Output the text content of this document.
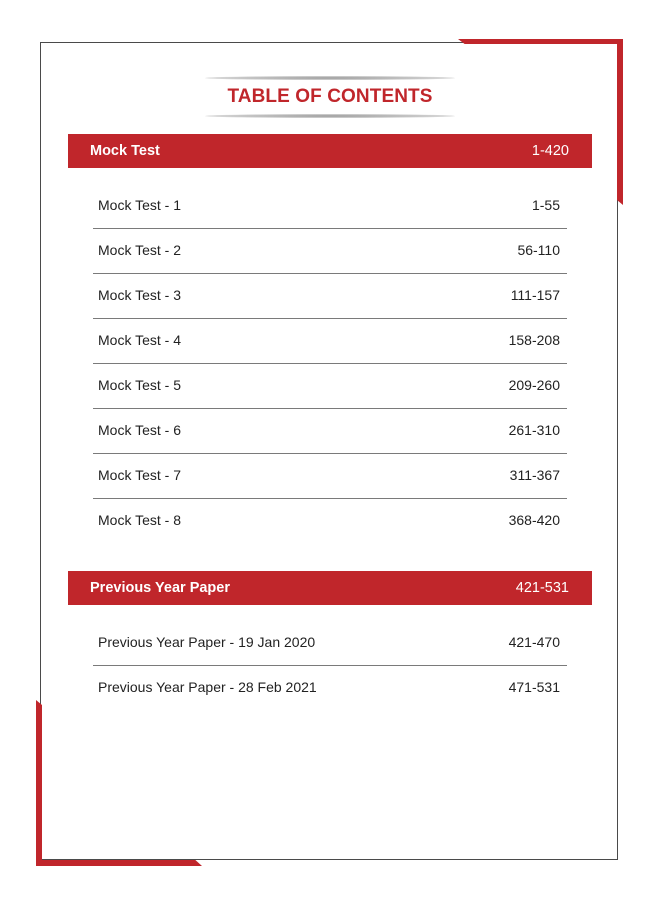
TABLE OF CONTENTS
Mock Test	1-420
Mock Test - 1	1-55
Mock Test - 2	56-110
Mock Test - 3	111-157
Mock Test - 4	158-208
Mock Test - 5	209-260
Mock Test - 6	261-310
Mock Test - 7	311-367
Mock Test - 8	368-420
Previous Year Paper	421-531
Previous Year Paper - 19 Jan 2020	421-470
Previous Year Paper - 28 Feb 2021	471-531
